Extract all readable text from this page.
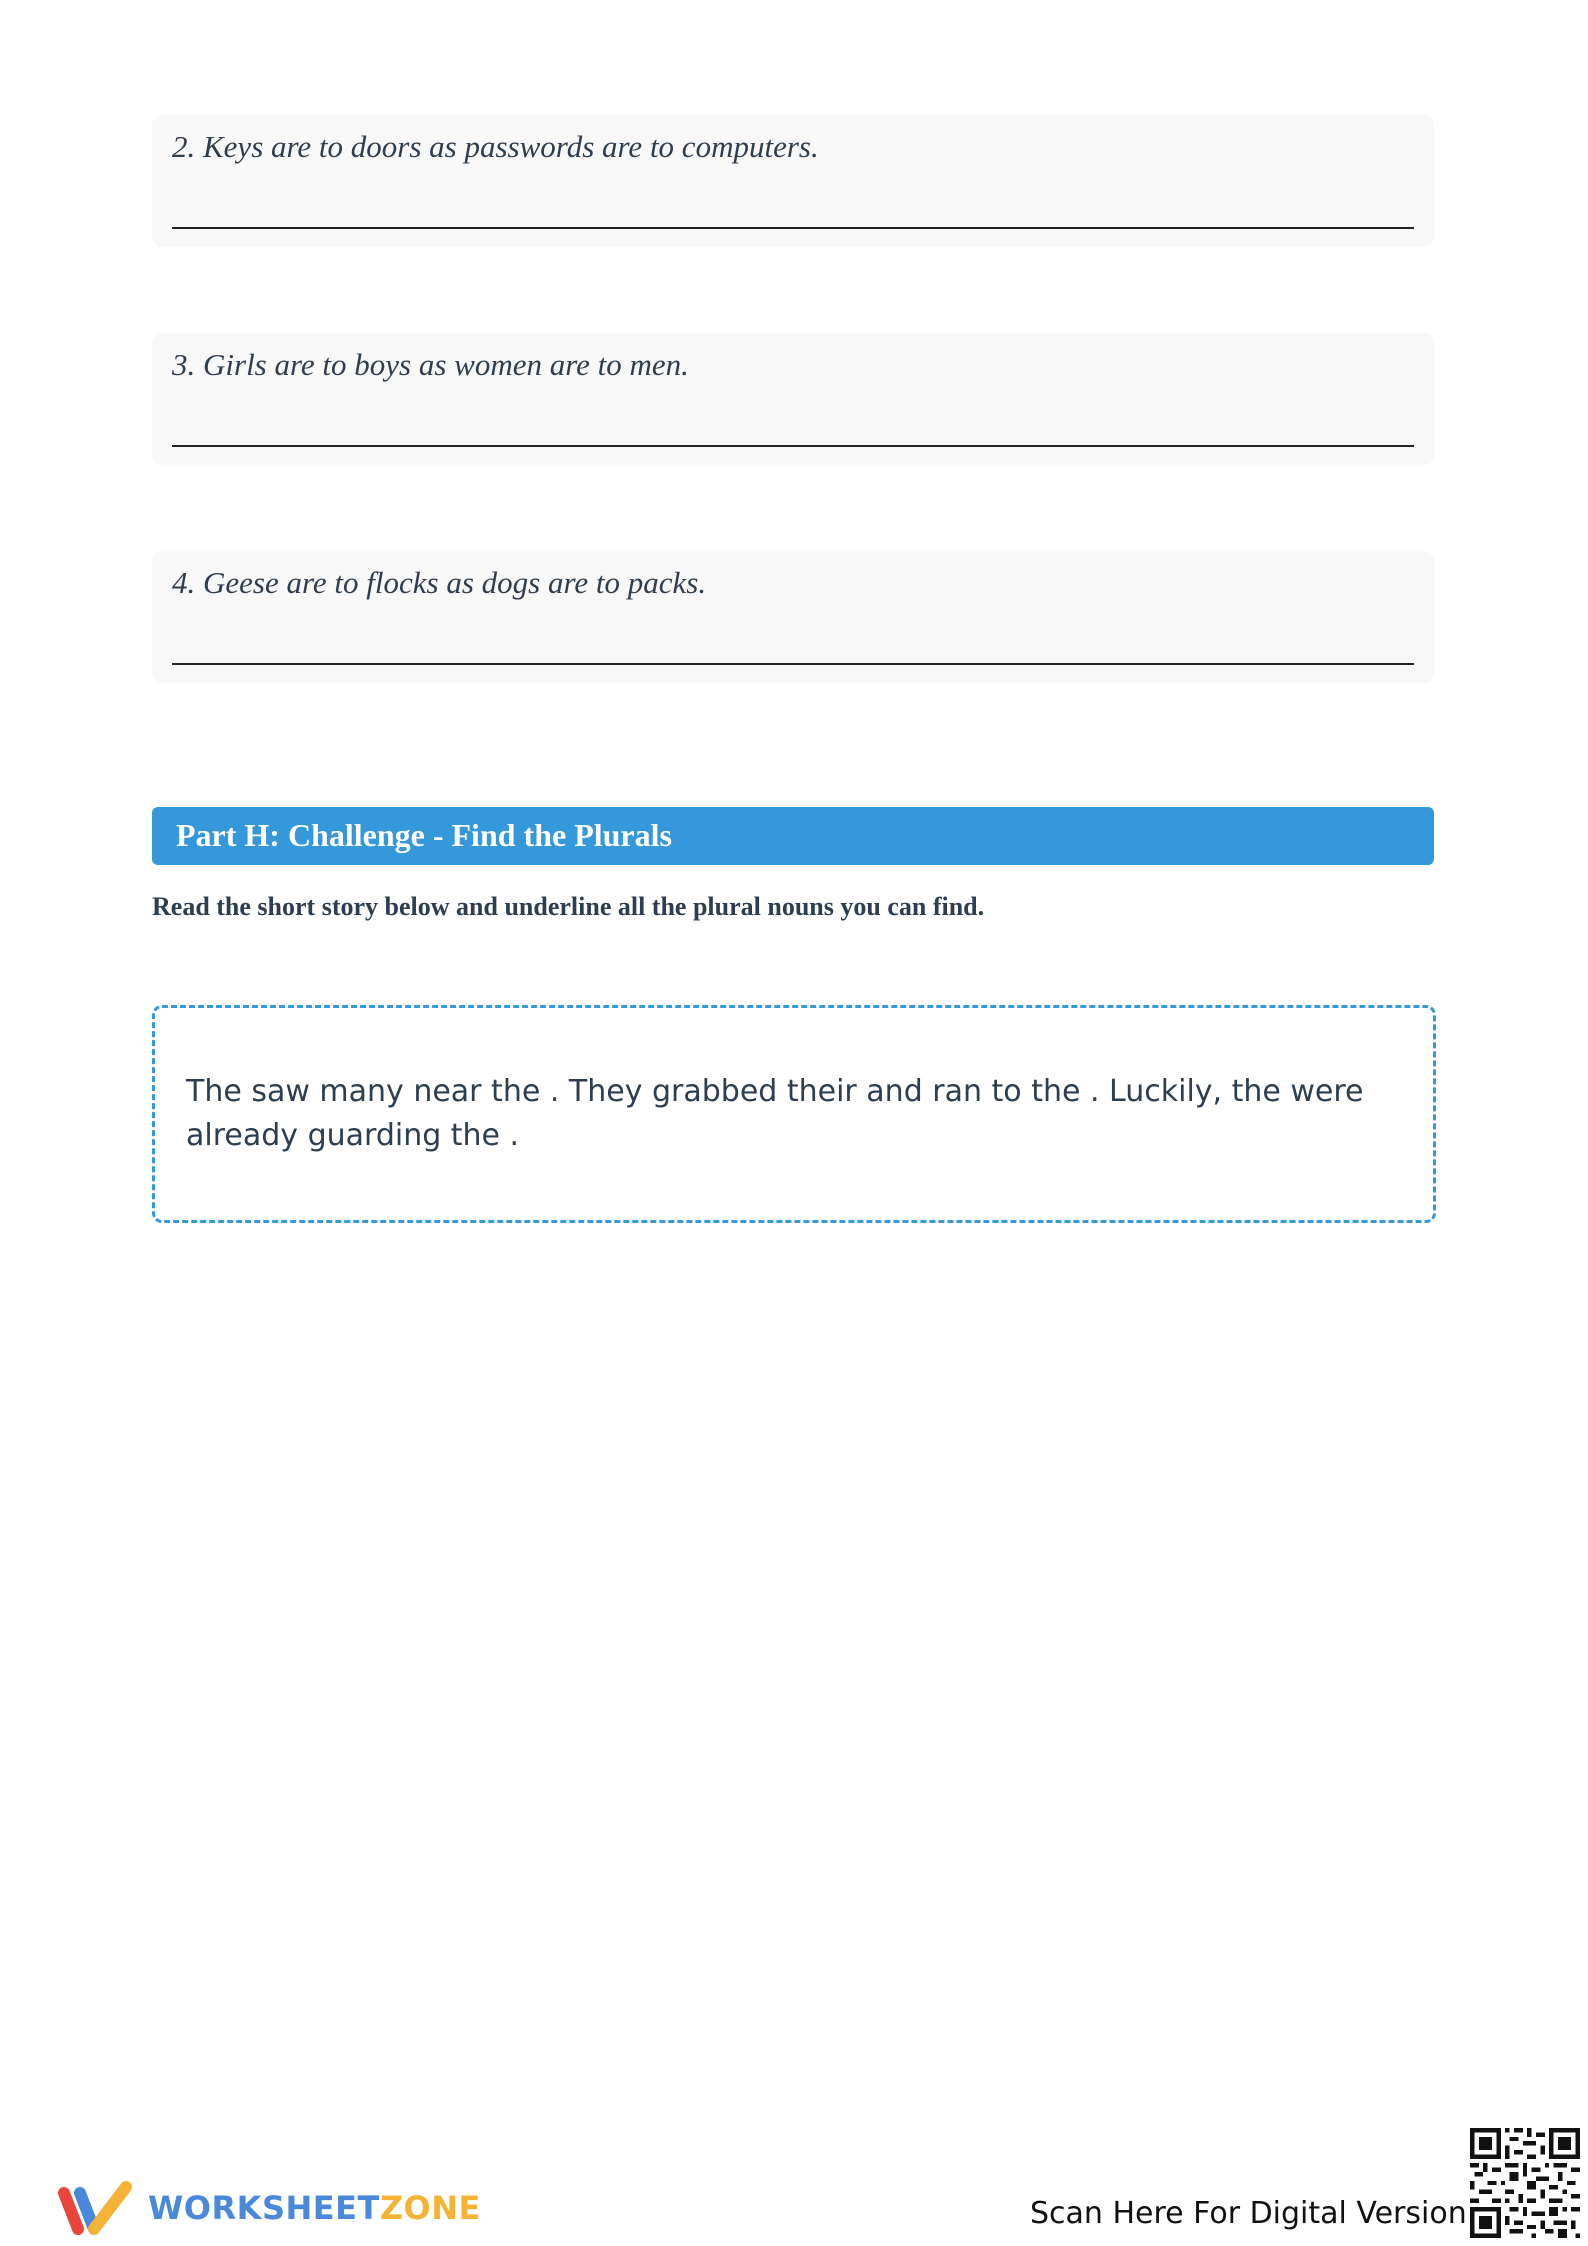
2. Keys are to doors as passwords are to computers.
3. Girls are to boys as women are to men.
4. Geese are to flocks as dogs are to packs.
Part H: Challenge - Find the Plurals
Read the short story below and underline all the plural nouns you can find.
The saw many near the . They grabbed their and ran to the . Luckily, the were already guarding the .
WORKSHEETZONE	Scan Here For Digital Version
